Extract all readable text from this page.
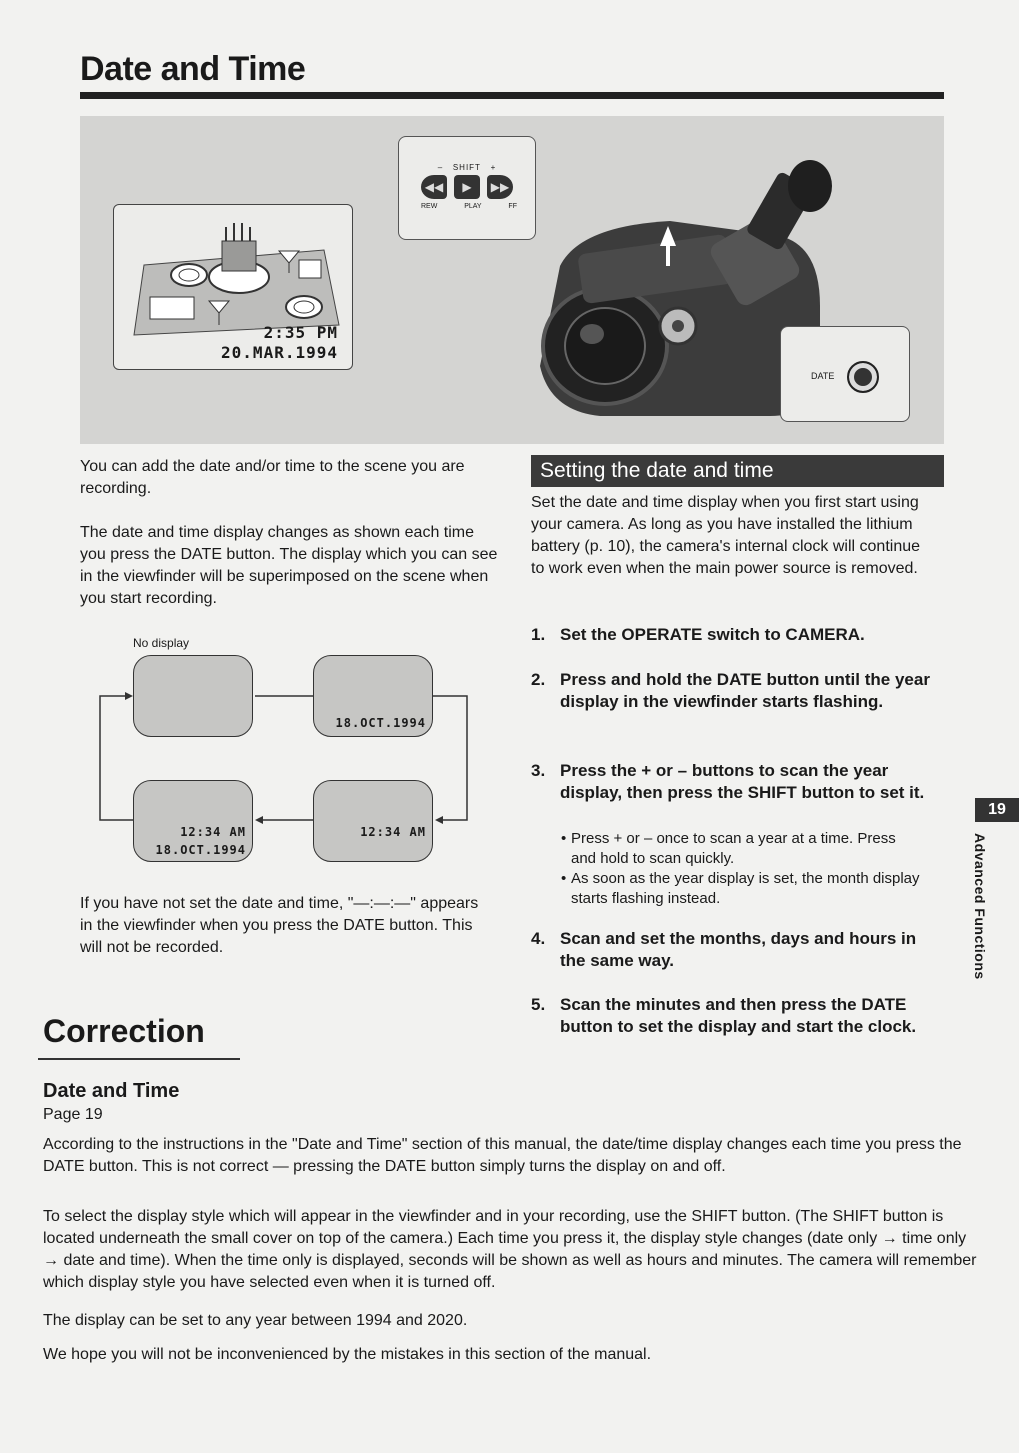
Date and Time
2:35 PM
20.MAR.1994
– SHIFT +
◀◀	▶	▶▶
REW	PLAY	FF
DATE

You can add the date and/or time to the scene you are recording.

The date and time display changes as shown each time you press the DATE button. The display which you can see in the viewfinder will be superimposed on the scene when you start recording.

No display
18.OCT.1994
12:34 AM
18.OCT.1994
12:34 AM

If you have not set the date and time, "—:—:—" appears in the viewfinder when you press the DATE button. This will not be recorded.

Setting the date and time

Set the date and time display when you first start using your camera. As long as you have installed the lithium battery (p. 10), the camera's internal clock will continue to work even when the main power source is removed.

1. Set the OPERATE switch to CAMERA.
2. Press and hold the DATE button until the year display in the viewfinder starts flashing.
3. Press the + or – buttons to scan the year display, then press the SHIFT button to set it.
• Press + or – once to scan a year at a time. Press and hold to scan quickly.
• As soon as the year display is set, the month display starts flashing instead.
4. Scan and set the months, days and hours in the same way.
5. Scan the minutes and then press the DATE button to set the display and start the clock.
19
Advanced Functions
Correction
Date and Time
Page 19

According to the instructions in the "Date and Time" section of this manual, the date/time display changes each time you press the DATE button. This is not correct — pressing the DATE button simply turns the display on and off.

To select the display style which will appear in the viewfinder and in your recording, use the SHIFT button. (The SHIFT button is located underneath the small cover on top of the camera.) Each time you press it, the display style changes (date only → time only → date and time). When the time only is displayed, seconds will be shown as well as hours and minutes. The camera will remember which display style you have selected even when it is turned off.

The display can be set to any year between 1994 and 2020.

We hope you will not be inconvenienced by the mistakes in this section of the manual.
